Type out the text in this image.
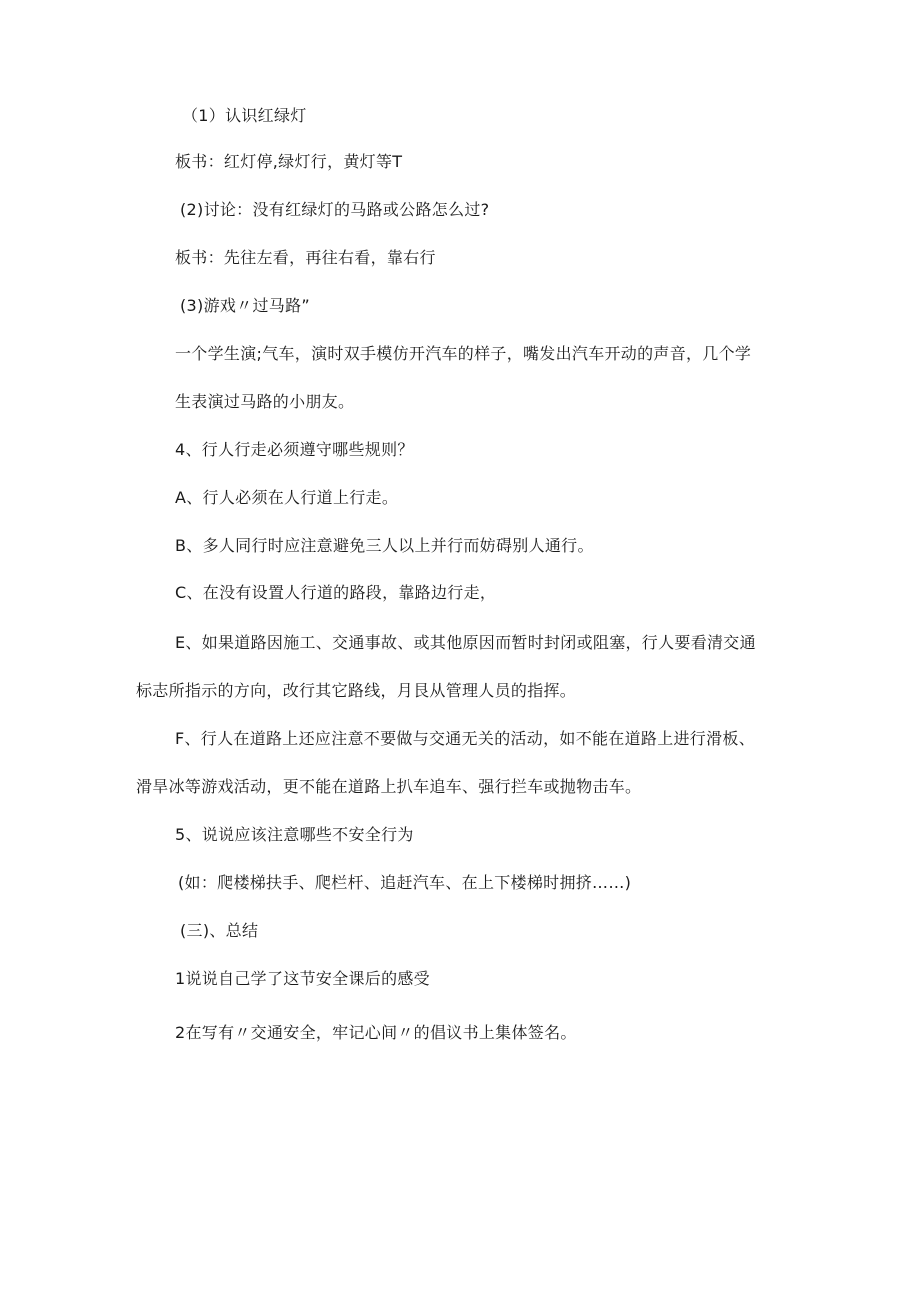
（1）认识红绿灯
板书：红灯停,绿灯行，黄灯等T
(2)讨论：没有红绿灯的马路或公路怎么过?
板书：先往左看，再往右看，靠右行
(3)游戏〃过马路”
一个学生演;气车，演时双手模仿开汽车的样子，嘴发出汽车开动的声音，几个学
生表演过马路的小朋友。
4、行人行走必须遵守哪些规则？
A、行人必须在人行道上行走。
B、多人同行时应注意避免三人以上并行而妨碍别人通行。
C、在没有设置人行道的路段，靠路边行走，
E、如果道路因施工、交通事故、或其他原因而暂时封闭或阻塞，行人要看清交通
标志所指示的方向，改行其它路线，月艮从管理人员的指挥。
F、行人在道路上还应注意不要做与交通无关的活动，如不能在道路上进行滑板、
滑旱冰等游戏活动，更不能在道路上扒车追车、强行拦车或抛物击车。
5、说说应该注意哪些不安全行为
(如：爬楼梯扶手、爬栏杆、追赶汽车、在上下楼梯时拥挤……)
(三)、总结
1说说自己学了这节安全课后的感受
2在写有〃交通安全，牢记心间〃的倡议书上集体签名。
